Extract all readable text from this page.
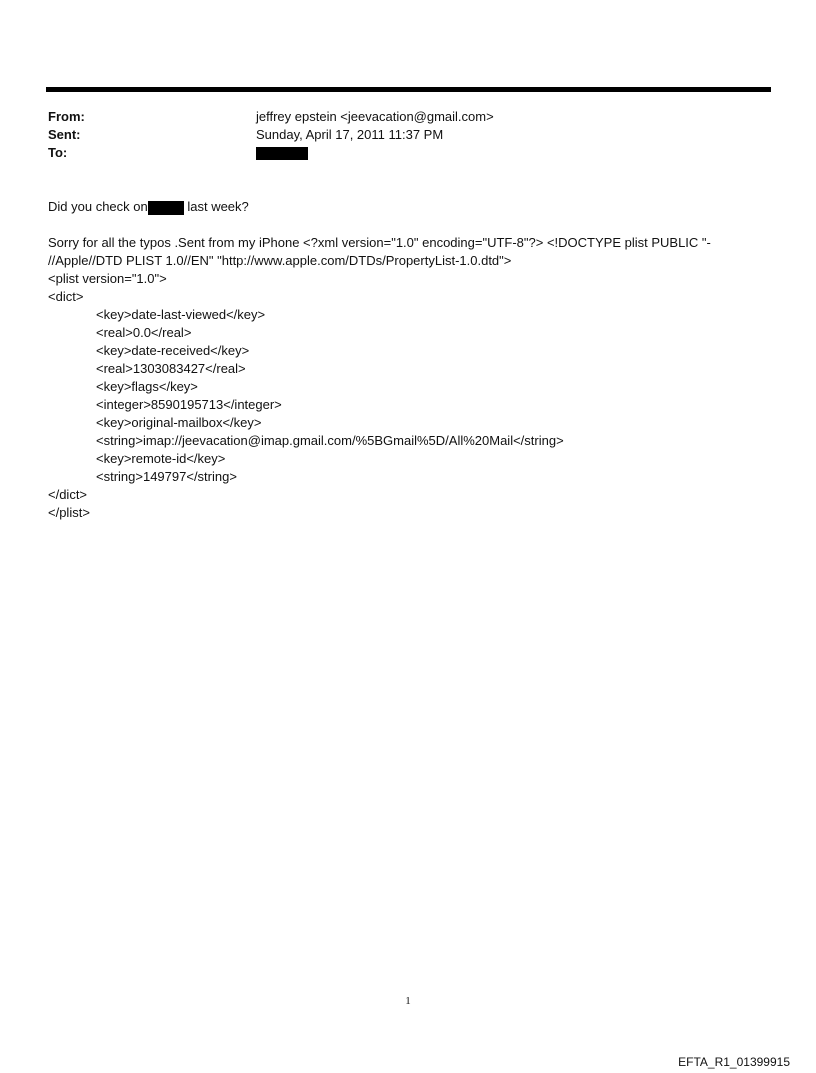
From:	jeffrey epstein <jeevacation@gmail.com>
Sent:	Sunday, April 17, 2011 11:37 PM
To:
Did you check on	last week?
Sorry for all the typos .Sent from my iPhone <?xml version="1.0" encoding="UTF-8"?> <!DOCTYPE plist PUBLIC "-
//Apple//DTD PLIST 1.0//EN" "http://www.apple.com/DTDs/PropertyList-1.0.dtd">
<plist version="1.0">
<dict>
<key>date-last-viewed</key>
<real>0.0</real>
<key>date-received</key>
<real>1303083427</real>
<key>flags</key>
<integer>8590195713</integer>
<key>original-mailbox</key>
<string>imap://jeevacation@imap.gmail.com/%5BGmail%5D/All%20Mail</string>
<key>remote-id</key>
<string>149797</string>
</dict>
</plist>
1
EFTA_R1_01399915
